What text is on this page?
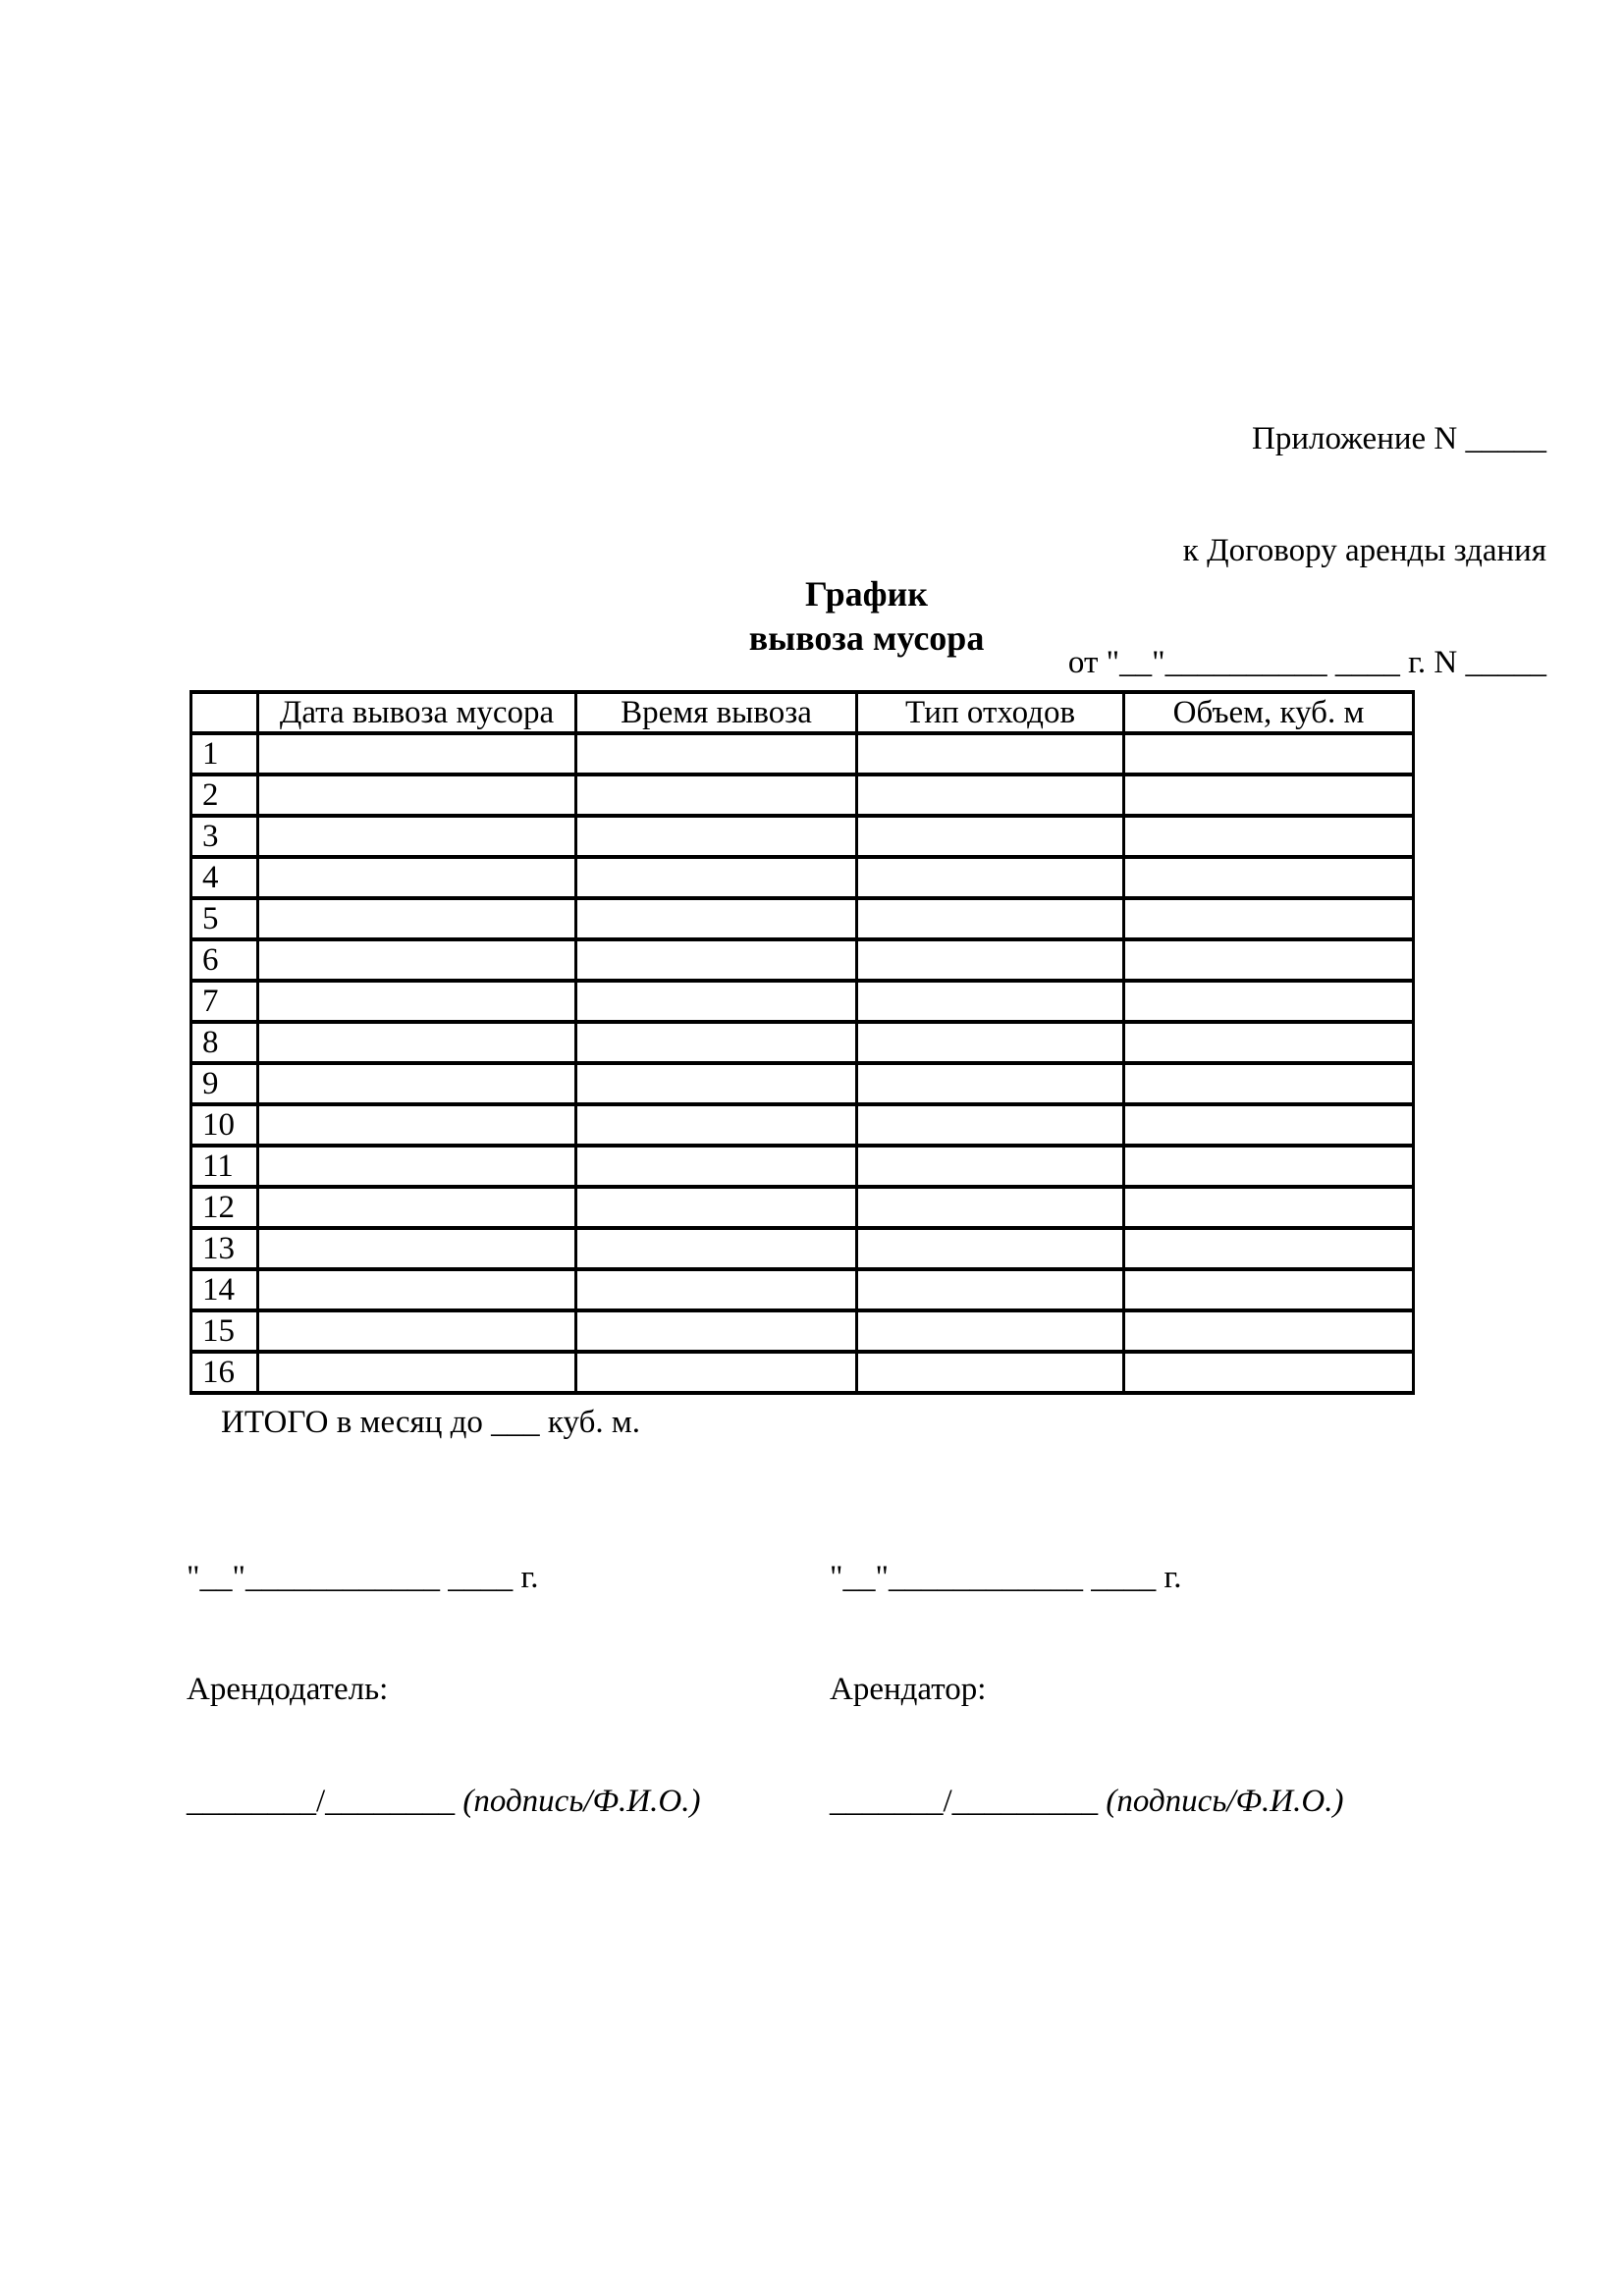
Приложение N _____

к Договору аренды здания

от "__"__________ ____ г. N _____

График
вывоза мусора
	Дата вывоза мусора	Время вывоза	Тип отходов	Объем, куб. м
1				
2				
3				
4				
5				
6				
7				
8				
9				
10				
11				
12				
13				
14				
15				
16				
ИТОГО в месяц до ___ куб. м.

"__"____________ ____ г.

Арендодатель:

________/________ (подпись/Ф.И.О.)

"__"____________ ____ г.

Арендатор:

_______/_________ (подпись/Ф.И.О.)
